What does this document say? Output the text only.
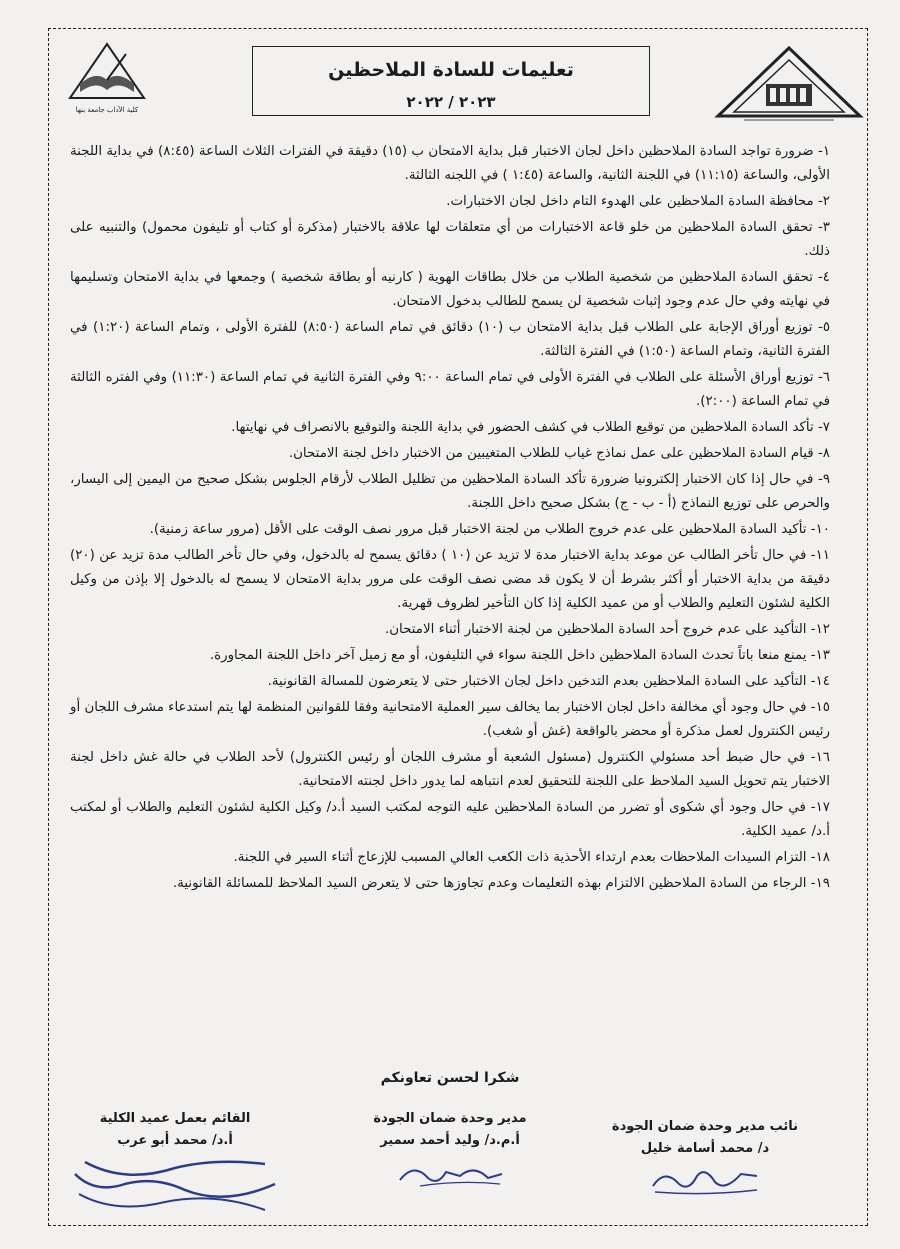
كلية الآداب جامعة بنها
تعليمات للسادة الملاحظين
٢٠٢٣ / ٢٠٢٢
١- ضرورة تواجد السادة الملاحظين داخل لجان الاختبار قبل بداية الامتحان ب (١٥) دقيقة في الفترات الثلاث الساعة (٨:٤٥) في بداية اللجنة الأولى، والساعة (١١:١٥) في اللجنة الثانية، والساعة (١:٤٥ ) في اللجنه الثالثة.
٢- محافظة السادة الملاحظين على الهدوء التام داخل لجان الاختبارات.
٣- تحقق السادة الملاحظين من خلو قاعة الاختبارات من أي متعلقات لها علاقة بالاختبار (مذكرة أو كتاب أو تليفون محمول) والتنبيه على ذلك.
٤- تحقق السادة الملاحظين من شخصية الطلاب من خلال بطاقات الهوية ( كارنيه أو بطاقة شخصية ) وجمعها في بداية الامتحان وتسليمها في نهايته وفي حال عدم وجود إثبات شخصية لن يسمح للطالب بدخول الامتحان.
٥- توزيع أوراق الإجابة على الطلاب قبل بداية الامتحان ب (١٠) دقائق في تمام الساعة (٨:٥٠) للفترة الأولى ، وتمام الساعة (١:٢٠) في الفترة الثانية، وتمام الساعة (١:٥٠) في الفترة الثالثة.
٦- توزيع أوراق الأسئلة على الطلاب في الفترة الأولى في تمام الساعة ٩:٠٠ وفي الفترة الثانية في تمام الساعة (١١:٣٠) وفي الفتره الثالثة في تمام الساعة (٢:٠٠).
٧- تأكد السادة الملاحظين من توقيع الطلاب في كشف الحضور في بداية اللجنة والتوقيع بالانصراف في نهايتها.
٨- قيام السادة الملاحظين على عمل نماذج غياب للطلاب المتغيبين من الاختبار داخل لجنة الامتحان.
٩- في حال إذا كان الاختبار إلكترونيا ضرورة تأكد السادة الملاحظين من تظليل الطلاب لأرقام الجلوس بشكل صحيح من اليمين إلى اليسار، والحرص على توزيع النماذج (أ - ب - ج) بشكل صحيح داخل اللجنة.
١٠- تأكيد السادة الملاحظين على عدم خروج الطلاب من لجنة الاختبار قبل مرور نصف الوقت على الأقل (مرور ساعة زمنية).
١١- في حال تأخر الطالب عن موعد بداية الاختبار مدة لا تزيد عن (١٠ ) دقائق يسمح له بالدخول، وفي حال تأخر الطالب مدة تزيد عن (٢٠) دقيقة من بداية الاختبار أو أكثر بشرط أن لا يكون قد مضى نصف الوقت على مرور بداية الامتحان لا يسمح له بالدخول إلا بإذن من وكيل الكلية لشئون التعليم والطلاب أو من عميد الكلية إذا كان التأخير لظروف قهرية.
١٢- التأكيد على عدم خروج أحد السادة الملاحظين من لجنة الاختبار أثناء الامتحان.
١٣- يمنع منعا باتاً تحدث السادة الملاحظين داخل اللجنة سواء في التليفون، أو مع زميل آخر داخل اللجنة المجاورة.
١٤- التأكيد على السادة الملاحظين بعدم التدخين داخل لجان الاختبار حتى لا يتعرضون للمسالة القانونية.
١٥- في حال وجود أي مخالفة داخل لجان الاختبار بما يخالف سير العملية الامتحانية وفقا للقوانين المنظمة لها يتم استدعاء مشرف اللجان أو رئيس الكنترول لعمل مذكرة أو محضر بالواقعة (غش أو شغب).
١٦- في حال ضبط أحد مسئولي الكنترول (مسئول الشعبة أو مشرف اللجان أو رئيس الكنترول) لأحد الطلاب في حالة غش داخل لجنة الاختبار يتم تحويل السيد الملاحظ على اللجنة للتحقيق لعدم انتباهه لما يدور داخل لجنته الامتحانية.
١٧- في حال وجود أي شكوى أو تضرر من السادة الملاحظين عليه التوجه لمكتب السيد أ.د/ وكيل الكلية لشئون التعليم والطلاب أو لمكتب أ.د/ عميد الكلية.
١٨- التزام السيدات الملاحظات بعدم ارتداء الأحذية ذات الكعب العالي المسبب للإزعاج أثناء السير في اللجنة.
١٩- الرجاء من السادة الملاحظين الالتزام بهذه التعليمات وعدم تجاوزها حتى لا يتعرض السيد الملاحظ للمسائلة القانونية.
شكرا لحسن تعاونكم
نائب مدير وحدة ضمان الجودة
د/ محمد أسامة خليل
مدير وحدة ضمان الجودة
أ.م.د/ وليد أحمد سمير
القائم بعمل عميد الكلية
أ.د/ محمد أبو عرب
